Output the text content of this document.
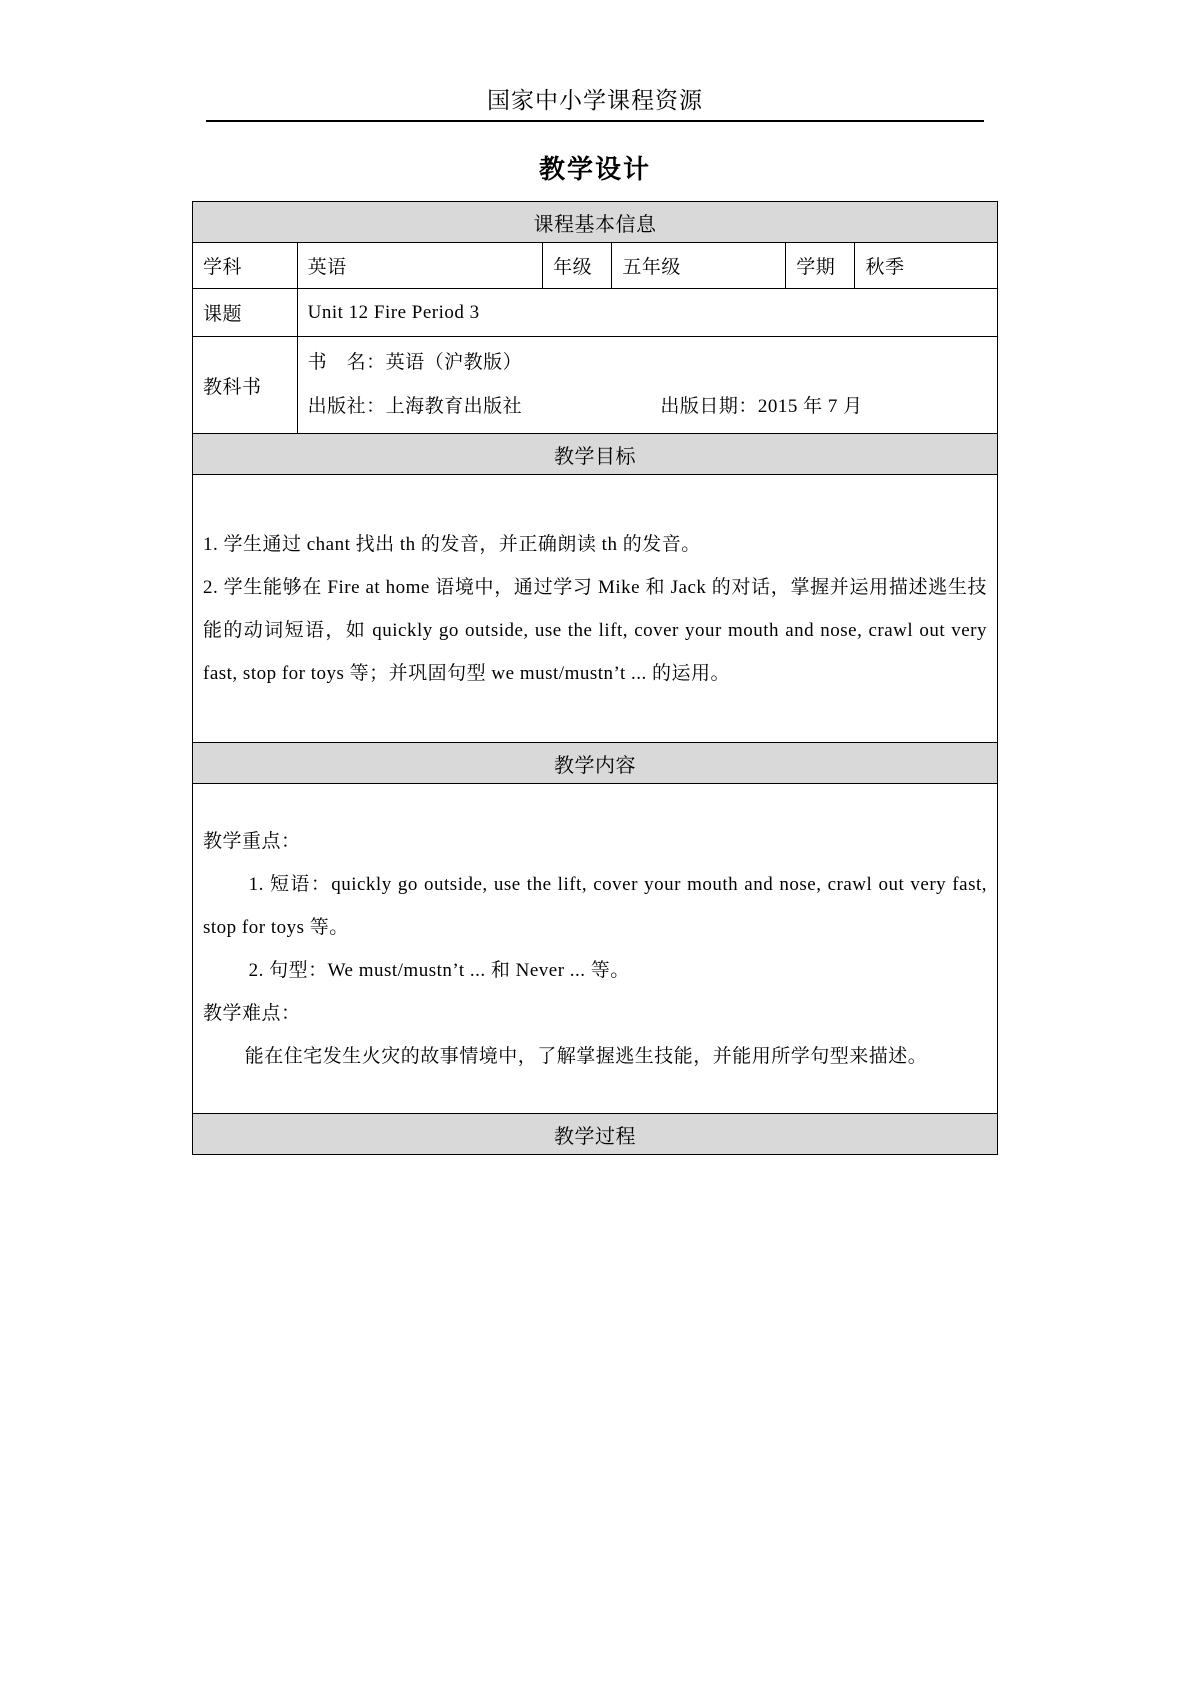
国家中小学课程资源
教学设计
课程基本信息					
学科	英语	年级	五年级	学期	秋季
课题	Unit 12 Fire Period 3				
教科书	书　名：英语（沪教版）
出版社：上海教育出版社 出版日期：2015 年 7 月				

教学目标					

1. 学生通过 chant 找出 th 的发音，并正确朗读 th 的发音。

2. 学生能够在 Fire at home 语境中，通过学习 Mike 和 Jack 的对话，掌握并运用描述逃生技能的动词短语，如 quickly go outside, use the lift, cover your mouth and nose, crawl out very fast, stop for toys 等；并巩固句型 we must/mustn’t ... 的运用。					

教学内容					

教学重点：

1. 短语：quickly go outside, use the lift, cover your mouth and nose, crawl out very fast, stop for toys 等。

2. 句型：We must/mustn’t ... 和 Never ... 等。

教学难点：

能在住宅发生火灾的故事情境中，了解掌握逃生技能，并能用所学句型来描述。					

教学过程					
